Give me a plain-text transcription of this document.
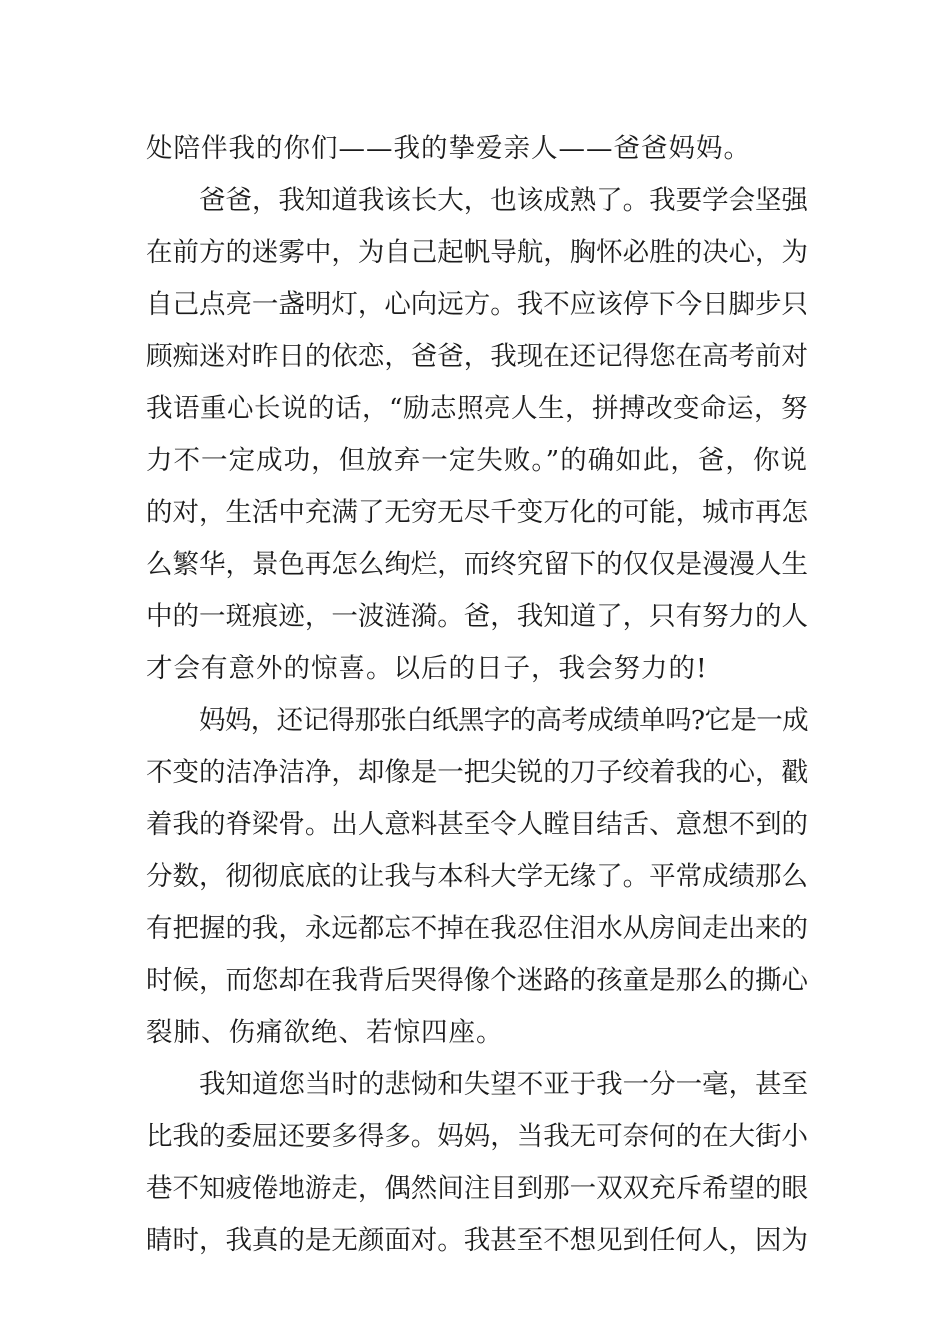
处陪伴我的你们——我的挚爱亲人——爸爸妈妈。
爸爸，我知道我该长大，也该成熟了。我要学会坚强
在前方的迷雾中，为自己起帆导航，胸怀必胜的决心，为
自己点亮一盏明灯，心向远方。我不应该停下今日脚步只
顾痴迷对昨日的依恋，爸爸，我现在还记得您在高考前对
我语重心长说的话，“励志照亮人生，拼搏改变命运，努
力不一定成功，但放弃一定失败。”的确如此，爸，你说
的对，生活中充满了无穷无尽千变万化的可能，城市再怎
么繁华，景色再怎么绚烂，而终究留下的仅仅是漫漫人生
中的一斑痕迹，一波涟漪。爸，我知道了，只有努力的人
才会有意外的惊喜。以后的日子，我会努力的!
妈妈，还记得那张白纸黑字的高考成绩单吗?它是一成
不变的洁净洁净，却像是一把尖锐的刀子绞着我的心，戳
着我的脊梁骨。出人意料甚至令人瞠目结舌、意想不到的
分数，彻彻底底的让我与本科大学无缘了。平常成绩那么
有把握的我，永远都忘不掉在我忍住泪水从房间走出来的
时候，而您却在我背后哭得像个迷路的孩童是那么的撕心
裂肺、伤痛欲绝、若惊四座。
我知道您当时的悲恸和失望不亚于我一分一毫，甚至
比我的委屈还要多得多。妈妈，当我无可奈何的在大街小
巷不知疲倦地游走，偶然间注目到那一双双充斥希望的眼
睛时，我真的是无颜面对。我甚至不想见到任何人，因为
